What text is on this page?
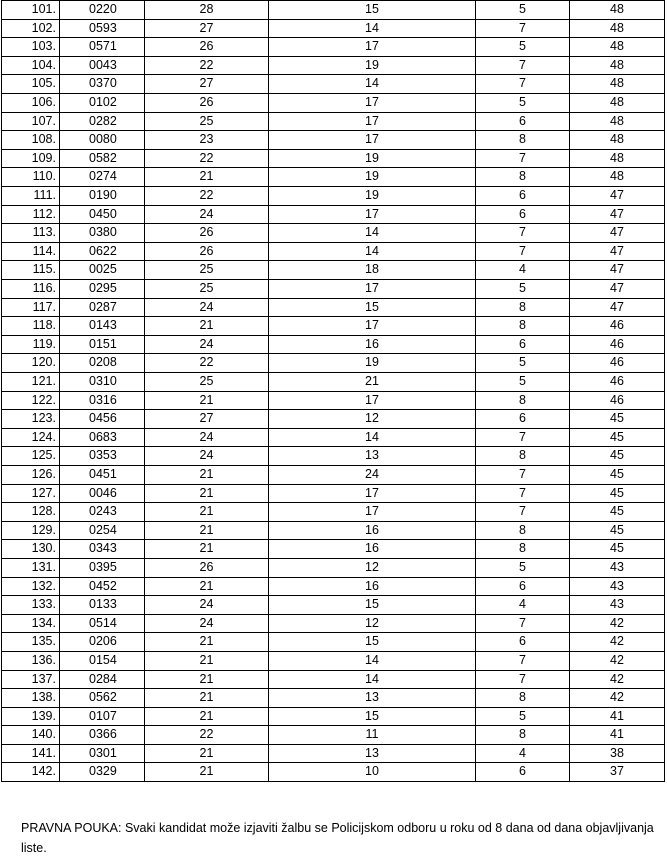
101.	0220	28	15	5	48
102.	0593	27	14	7	48
103.	0571	26	17	5	48
104.	0043	22	19	7	48
105.	0370	27	14	7	48
106.	0102	26	17	5	48
107.	0282	25	17	6	48
108.	0080	23	17	8	48
109.	0582	22	19	7	48
110.	0274	21	19	8	48
111.	0190	22	19	6	47
112.	0450	24	17	6	47
113.	0380	26	14	7	47
114.	0622	26	14	7	47
115.	0025	25	18	4	47
116.	0295	25	17	5	47
117.	0287	24	15	8	47
118.	0143	21	17	8	46
119.	0151	24	16	6	46
120.	0208	22	19	5	46
121.	0310	25	21	5	46
122.	0316	21	17	8	46
123.	0456	27	12	6	45
124.	0683	24	14	7	45
125.	0353	24	13	8	45
126.	0451	21	24	7	45
127.	0046	21	17	7	45
128.	0243	21	17	7	45
129.	0254	21	16	8	45
130.	0343	21	16	8	45
131.	0395	26	12	5	43
132.	0452	21	16	6	43
133.	0133	24	15	4	43
134.	0514	24	12	7	42
135.	0206	21	15	6	42
136.	0154	21	14	7	42
137.	0284	21	14	7	42
138.	0562	21	13	8	42
139.	0107	21	15	5	41
140.	0366	22	11	8	41
141.	0301	21	13	4	38
142.	0329	21	10	6	37

PRAVNA POUKA: Svaki kandidat može izjaviti žalbu se Policijskom odboru u roku od 8 dana od dana objavljivanja liste.
